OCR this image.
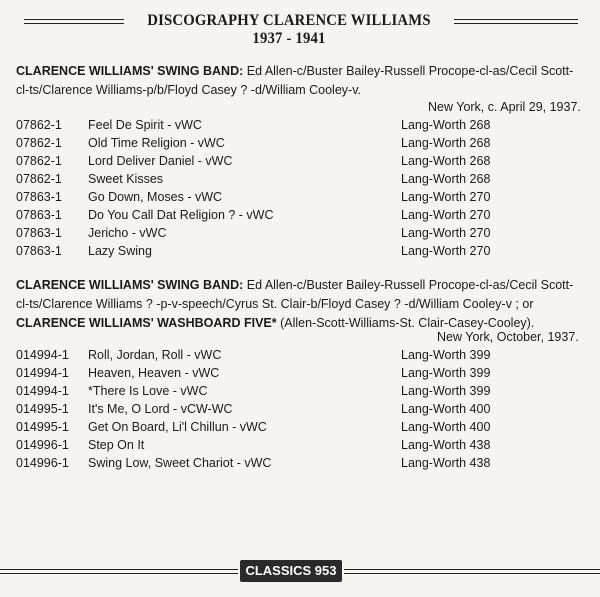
DISCOGRAPHY CLARENCE WILLIAMS 1937 - 1941
CLARENCE WILLIAMS' SWING BAND: Ed Allen-c/Buster Bailey-Russell Procope-cl-as/Cecil Scott-cl-ts/Clarence Williams-p/b/Floyd Casey ? -d/William Cooley-v.
New York, c. April 29, 1937.
07862-1 Feel De Spirit - vWC	Lang-Worth 268
07862-1 Old Time Religion - vWC	Lang-Worth 268
07862-1 Lord Deliver Daniel - vWC	Lang-Worth 268
07862-1 Sweet Kisses	Lang-Worth 268
07863-1 Go Down, Moses - vWC	Lang-Worth 270
07863-1 Do You Call Dat Religion ? - vWC	Lang-Worth 270
07863-1 Jericho - vWC	Lang-Worth 270
07863-1 Lazy Swing	Lang-Worth 270
CLARENCE WILLIAMS' SWING BAND: Ed Allen-c/Buster Bailey-Russell Procope-cl-as/Cecil Scott-cl-ts/Clarence Williams ? -p-v-speech/Cyrus St. Clair-b/Floyd Casey ? -d/William Cooley-v ; or CLARENCE WILLIAMS' WASHBOARD FIVE* (Allen-Scott-Williams-St. Clair-Casey-Cooley).
New York, October, 1937.
014994-1 Roll, Jordan, Roll - vWC	Lang-Worth 399
014994-1 Heaven, Heaven - vWC	Lang-Worth 399
014994-1 *There Is Love - vWC	Lang-Worth 399
014995-1 It's Me, O Lord - vCW-WC	Lang-Worth 400
014995-1 Get On Board, Li'l Chillun - vWC	Lang-Worth 400
014996-1 Step On It	Lang-Worth 438
014996-1 Swing Low, Sweet Chariot - vWC	Lang-Worth 438
CLASSICS 953
